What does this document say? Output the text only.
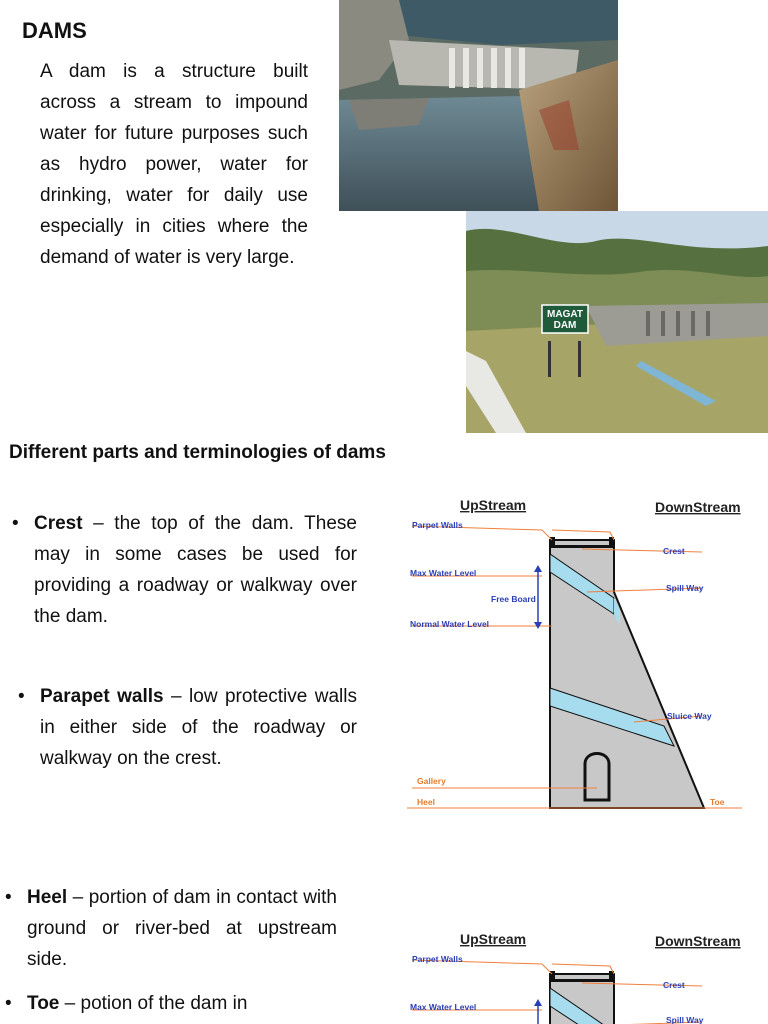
DAMS
A dam is a structure built across a stream to impound water for future purposes such as hydro power, water for drinking, water for daily use especially in cities where the demand of water is very large.
MAGAT
DAM
Different parts and terminologies of dams
• Crest – the top of the dam. These may in some cases be used for providing a roadway or walkway over the dam.
• Parapet walls – low protective walls in either side of the roadway or walkway on the crest.
• Heel – portion of dam in contact with ground or river-bed at upstream side.
• Toe – potion of the dam in
UpStream	DownStream
Parpet Walls
Max Water Level
Free Board
Normal Water Level
Crest
Spill Way
Sluice Way
Gallery
Heel	Toe
UpStream	DownStream
Parpet Walls
Max Water Level
Crest
Spill Way
